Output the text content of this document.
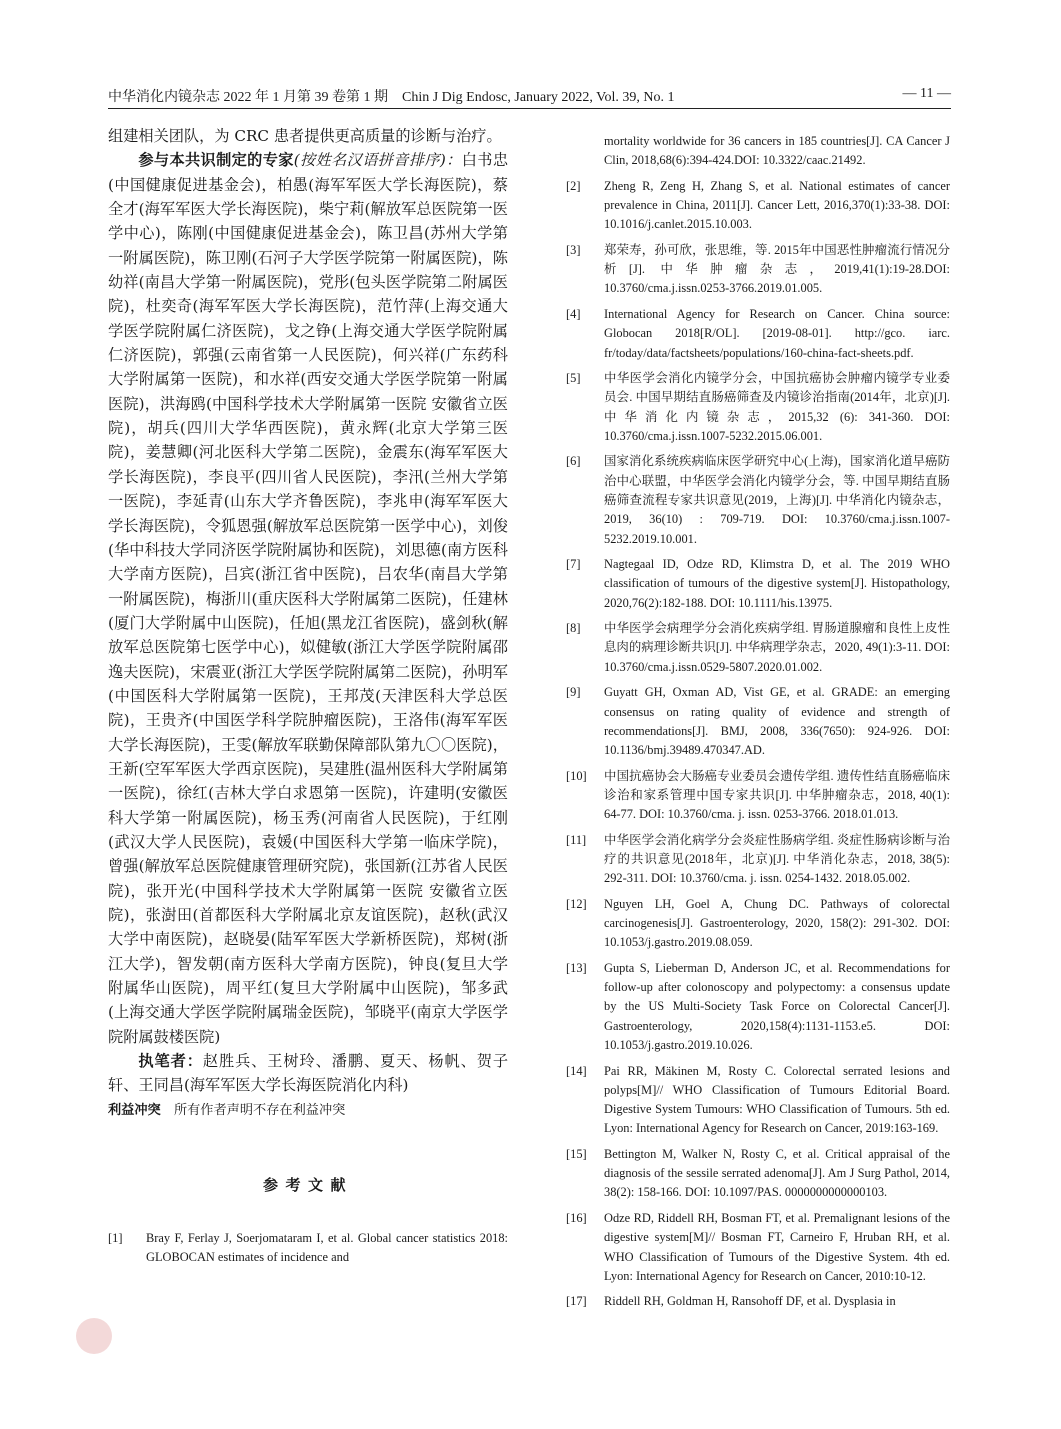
中华消化内镜杂志 2022 年 1 月第 39 卷第 1 期　Chin J Dig Endosc, January 2022, Vol. 39, No. 1	— 11 —

组建相关团队，为 CRC 患者提供更高质量的诊断与治疗。

参与本共识制定的专家(按姓名汉语拼音排序)：白书忠(中国健康促进基金会)，柏愚(海军军医大学长海医院)，蔡全才(海军军医大学长海医院)，柴宁莉(解放军总医院第一医学中心)，陈刚(中国健康促进基金会)，陈卫昌(苏州大学第一附属医院)，陈卫刚(石河子大学医学院第一附属医院)，陈幼祥(南昌大学第一附属医院)，党彤(包头医学院第二附属医院)，杜奕奇(海军军医大学长海医院)，范竹萍(上海交通大学医学院附属仁济医院)，戈之铮(上海交通大学医学院附属仁济医院)，郭强(云南省第一人民医院)，何兴祥(广东药科大学附属第一医院)，和水祥(西安交通大学医学院第一附属医院)，洪海鸥(中国科学技术大学附属第一医院 安徽省立医院)，胡兵(四川大学华西医院)，黄永辉(北京大学第三医院)，姜慧卿(河北医科大学第二医院)，金震东(海军军医大学长海医院)，李良平(四川省人民医院)，李汛(兰州大学第一医院)，李延青(山东大学齐鲁医院)，李兆申(海军军医大学长海医院)，令狐恩强(解放军总医院第一医学中心)，刘俊(华中科技大学同济医学院附属协和医院)，刘思德(南方医科大学南方医院)，吕宾(浙江省中医院)，吕农华(南昌大学第一附属医院)，梅浙川(重庆医科大学附属第二医院)，任建林(厦门大学附属中山医院)，任旭(黑龙江省医院)，盛剑秋(解放军总医院第七医学中心)，姒健敏(浙江大学医学院附属邵逸夫医院)，宋震亚(浙江大学医学院附属第二医院)，孙明军(中国医科大学附属第一医院)，王邦茂(天津医科大学总医院)，王贵齐(中国医学科学院肿瘤医院)，王洛伟(海军军医大学长海医院)，王雯(解放军联勤保障部队第九〇〇医院)，王新(空军军医大学西京医院)，吴建胜(温州医科大学附属第一医院)，徐红(吉林大学白求恩第一医院)，许建明(安徽医科大学第一附属医院)，杨玉秀(河南省人民医院)，于红刚(武汉大学人民医院)，袁媛(中国医科大学第一临床学院)，曾强(解放军总医院健康管理研究院)，张国新(江苏省人民医院)，张开光(中国科学技术大学附属第一医院 安徽省立医院)，张澍田(首都医科大学附属北京友谊医院)，赵秋(武汉大学中南医院)，赵晓晏(陆军军医大学新桥医院)，郑树(浙江大学)，智发朝(南方医科大学南方医院)，钟良(复旦大学附属华山医院)，周平红(复旦大学附属中山医院)，邹多武(上海交通大学医学院附属瑞金医院)，邹晓平(南京大学医学院附属鼓楼医院)

执笔者：赵胜兵、王树玲、潘鹏、夏天、杨帆、贺子轩、王同昌(海军军医大学长海医院消化内科)

利益冲突　 所有作者声明不存在利益冲突

参考文献
[1]	Bray F, Ferlay J, Soerjomataram I, et al. Global cancer statistics 2018: GLOBOCAN estimates of incidence and
mortality worldwide for 36 cancers in 185 countries[J]. CA Cancer J Clin, 2018,68(6):394-424.DOI: 10.3322/caac.21492.
[2]	Zheng R, Zeng H, Zhang S, et al. National estimates of cancer prevalence in China, 2011[J]. Cancer Lett, 2016,370(1):33-38. DOI: 10.1016/j.canlet.2015.10.003.
[3]	郑荣寿，孙可欣，张思维，等. 2015年中国恶性肿瘤流行情况分析[J]. 中华肿瘤杂志，2019,41(1):19-28.DOI: 10.3760/cma.j.issn.0253-3766.2019.01.005.
[4]	International Agency for Research on Cancer. China source: Globocan 2018[R/OL]. [2019-08-01]. http://gco. iarc. fr/today/data/factsheets/populations/160-china-fact-sheets.pdf.
[5]	中华医学会消化内镜学分会，中国抗癌协会肿瘤内镜学专业委员会. 中国早期结直肠癌筛查及内镜诊治指南(2014年，北京)[J]. 中华消化内镜杂志，2015,32 (6): 341-360. DOI: 10.3760/cma.j.issn.1007-5232.2015.06.001.
[6]	国家消化系统疾病临床医学研究中心(上海)，国家消化道早癌防治中心联盟，中华医学会消化内镜学分会，等. 中国早期结直肠癌筛查流程专家共识意见(2019，上海)[J]. 中华消化内镜杂志，2019, 36(10) : 709-719. DOI: 10.3760/cma.j.issn.1007-5232.2019.10.001.
[7]	Nagtegaal ID, Odze RD, Klimstra D, et al. The 2019 WHO classification of tumours of the digestive system[J]. Histopathology, 2020,76(2):182-188. DOI: 10.1111/his.13975.
[8]	中华医学会病理学分会消化疾病学组. 胃肠道腺瘤和良性上皮性息肉的病理诊断共识[J]. 中华病理学杂志，2020, 49(1):3-11. DOI: 10.3760/cma.j.issn.0529-5807.2020.01.002.
[9]	Guyatt GH, Oxman AD, Vist GE, et al. GRADE: an emerging consensus on rating quality of evidence and strength of recommendations[J]. BMJ, 2008, 336(7650): 924-926. DOI: 10.1136/bmj.39489.470347.AD.
[10]	中国抗癌协会大肠癌专业委员会遗传学组. 遗传性结直肠癌临床诊治和家系管理中国专家共识[J]. 中华肿瘤杂志，2018, 40(1): 64-77. DOI: 10.3760/cma. j. issn. 0253-3766. 2018.01.013.
[11]	中华医学会消化病学分会炎症性肠病学组. 炎症性肠病诊断与治疗的共识意见(2018年，北京)[J]. 中华消化杂志，2018, 38(5): 292-311. DOI: 10.3760/cma. j. issn. 0254-1432. 2018.05.002.
[12]	Nguyen LH, Goel A, Chung DC. Pathways of colorectal carcinogenesis[J]. Gastroenterology, 2020, 158(2): 291-302. DOI: 10.1053/j.gastro.2019.08.059.
[13]	Gupta S, Lieberman D, Anderson JC, et al. Recommendations for follow-up after colonoscopy and polypectomy: a consensus update by the US Multi-Society Task Force on Colorectal Cancer[J]. Gastroenterology, 2020,158(4):1131-1153.e5. DOI: 10.1053/j.gastro.2019.10.026.
[14]	Pai RR, Mäkinen M, Rosty C. Colorectal serrated lesions and polyps[M]// WHO Classification of Tumours Editorial Board. Digestive System Tumours: WHO Classification of Tumours. 5th ed. Lyon: International Agency for Research on Cancer, 2019:163-169.
[15]	Bettington M, Walker N, Rosty C, et al. Critical appraisal of the diagnosis of the sessile serrated adenoma[J]. Am J Surg Pathol, 2014, 38(2): 158-166. DOI: 10.1097/PAS. 0000000000000103.
[16]	Odze RD, Riddell RH, Bosman FT, et al. Premalignant lesions of the digestive system[M]// Bosman FT, Carneiro F, Hruban RH, et al. WHO Classification of Tumours of the Digestive System. 4th ed. Lyon: International Agency for Research on Cancer, 2010:10-12.
[17]	Riddell RH, Goldman H, Ransohoff DF, et al. Dysplasia in
